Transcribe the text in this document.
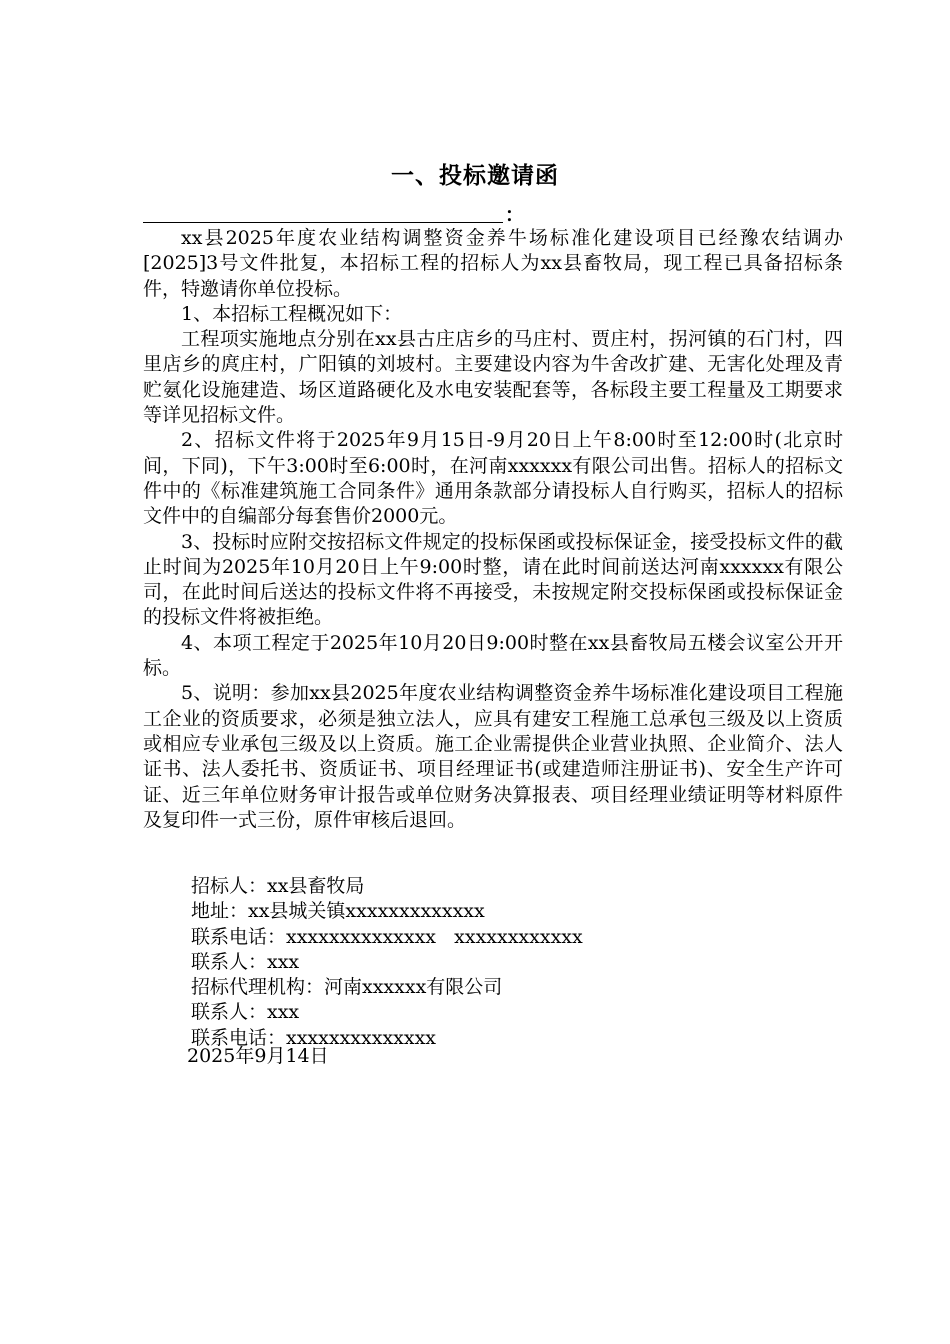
一、投标邀请函
：

xx县2025年度农业结构调整资金养牛场标准化建设项目已经豫农结调办[2025]3号文件批复，本招标工程的招标人为xx县畜牧局，现工程已具备招标条件，特邀请你单位投标。

1、本招标工程概况如下：

工程项实施地点分别在xx县古庄店乡的马庄村、贾庄村，拐河镇的石门村，四里店乡的庹庄村，广阳镇的刘坡村。主要建设内容为牛舍改扩建、无害化处理及青贮氨化设施建造、场区道路硬化及水电安装配套等，各标段主要工程量及工期要求等详见招标文件。

2、招标文件将于2025年9月15日-9月20日上午8:00时至12:00时(北京时间，下同)，下午3:00时至6:00时，在河南xxxxxx有限公司出售。招标人的招标文件中的《标准建筑施工合同条件》通用条款部分请投标人自行购买，招标人的招标文件中的自编部分每套售价2000元。

3、投标时应附交按招标文件规定的投标保函或投标保证金，接受投标文件的截止时间为2025年10月20日上午9:00时整，请在此时间前送达河南xxxxxx有限公司，在此时间后送达的投标文件将不再接受，未按规定附交投标保函或投标保证金的投标文件将被拒绝。

4、本项工程定于2025年10月20日9:00时整在xx县畜牧局五楼会议室公开开标。

5、说明：参加xx县2025年度农业结构调整资金养牛场标准化建设项目工程施工企业的资质要求，必须是独立法人，应具有建安工程施工总承包三级及以上资质或相应专业承包三级及以上资质。施工企业需提供企业营业执照、企业简介、法人证书、法人委托书、资质证书、项目经理证书(或建造师注册证书)、安全生产许可证、近三年单位财务审计报告或单位财务决算报表、项目经理业绩证明等材料原件及复印件一式三份，原件审核后退回。

招标人：xx县畜牧局
地址：xx县城关镇xxxxxxxxxxxxx
联系电话：xxxxxxxxxxxxxx   xxxxxxxxxxxx
联系人：xxx
招标代理机构：河南xxxxxx有限公司
联系人：xxx
联系电话：xxxxxxxxxxxxxx
2025年9月14日
